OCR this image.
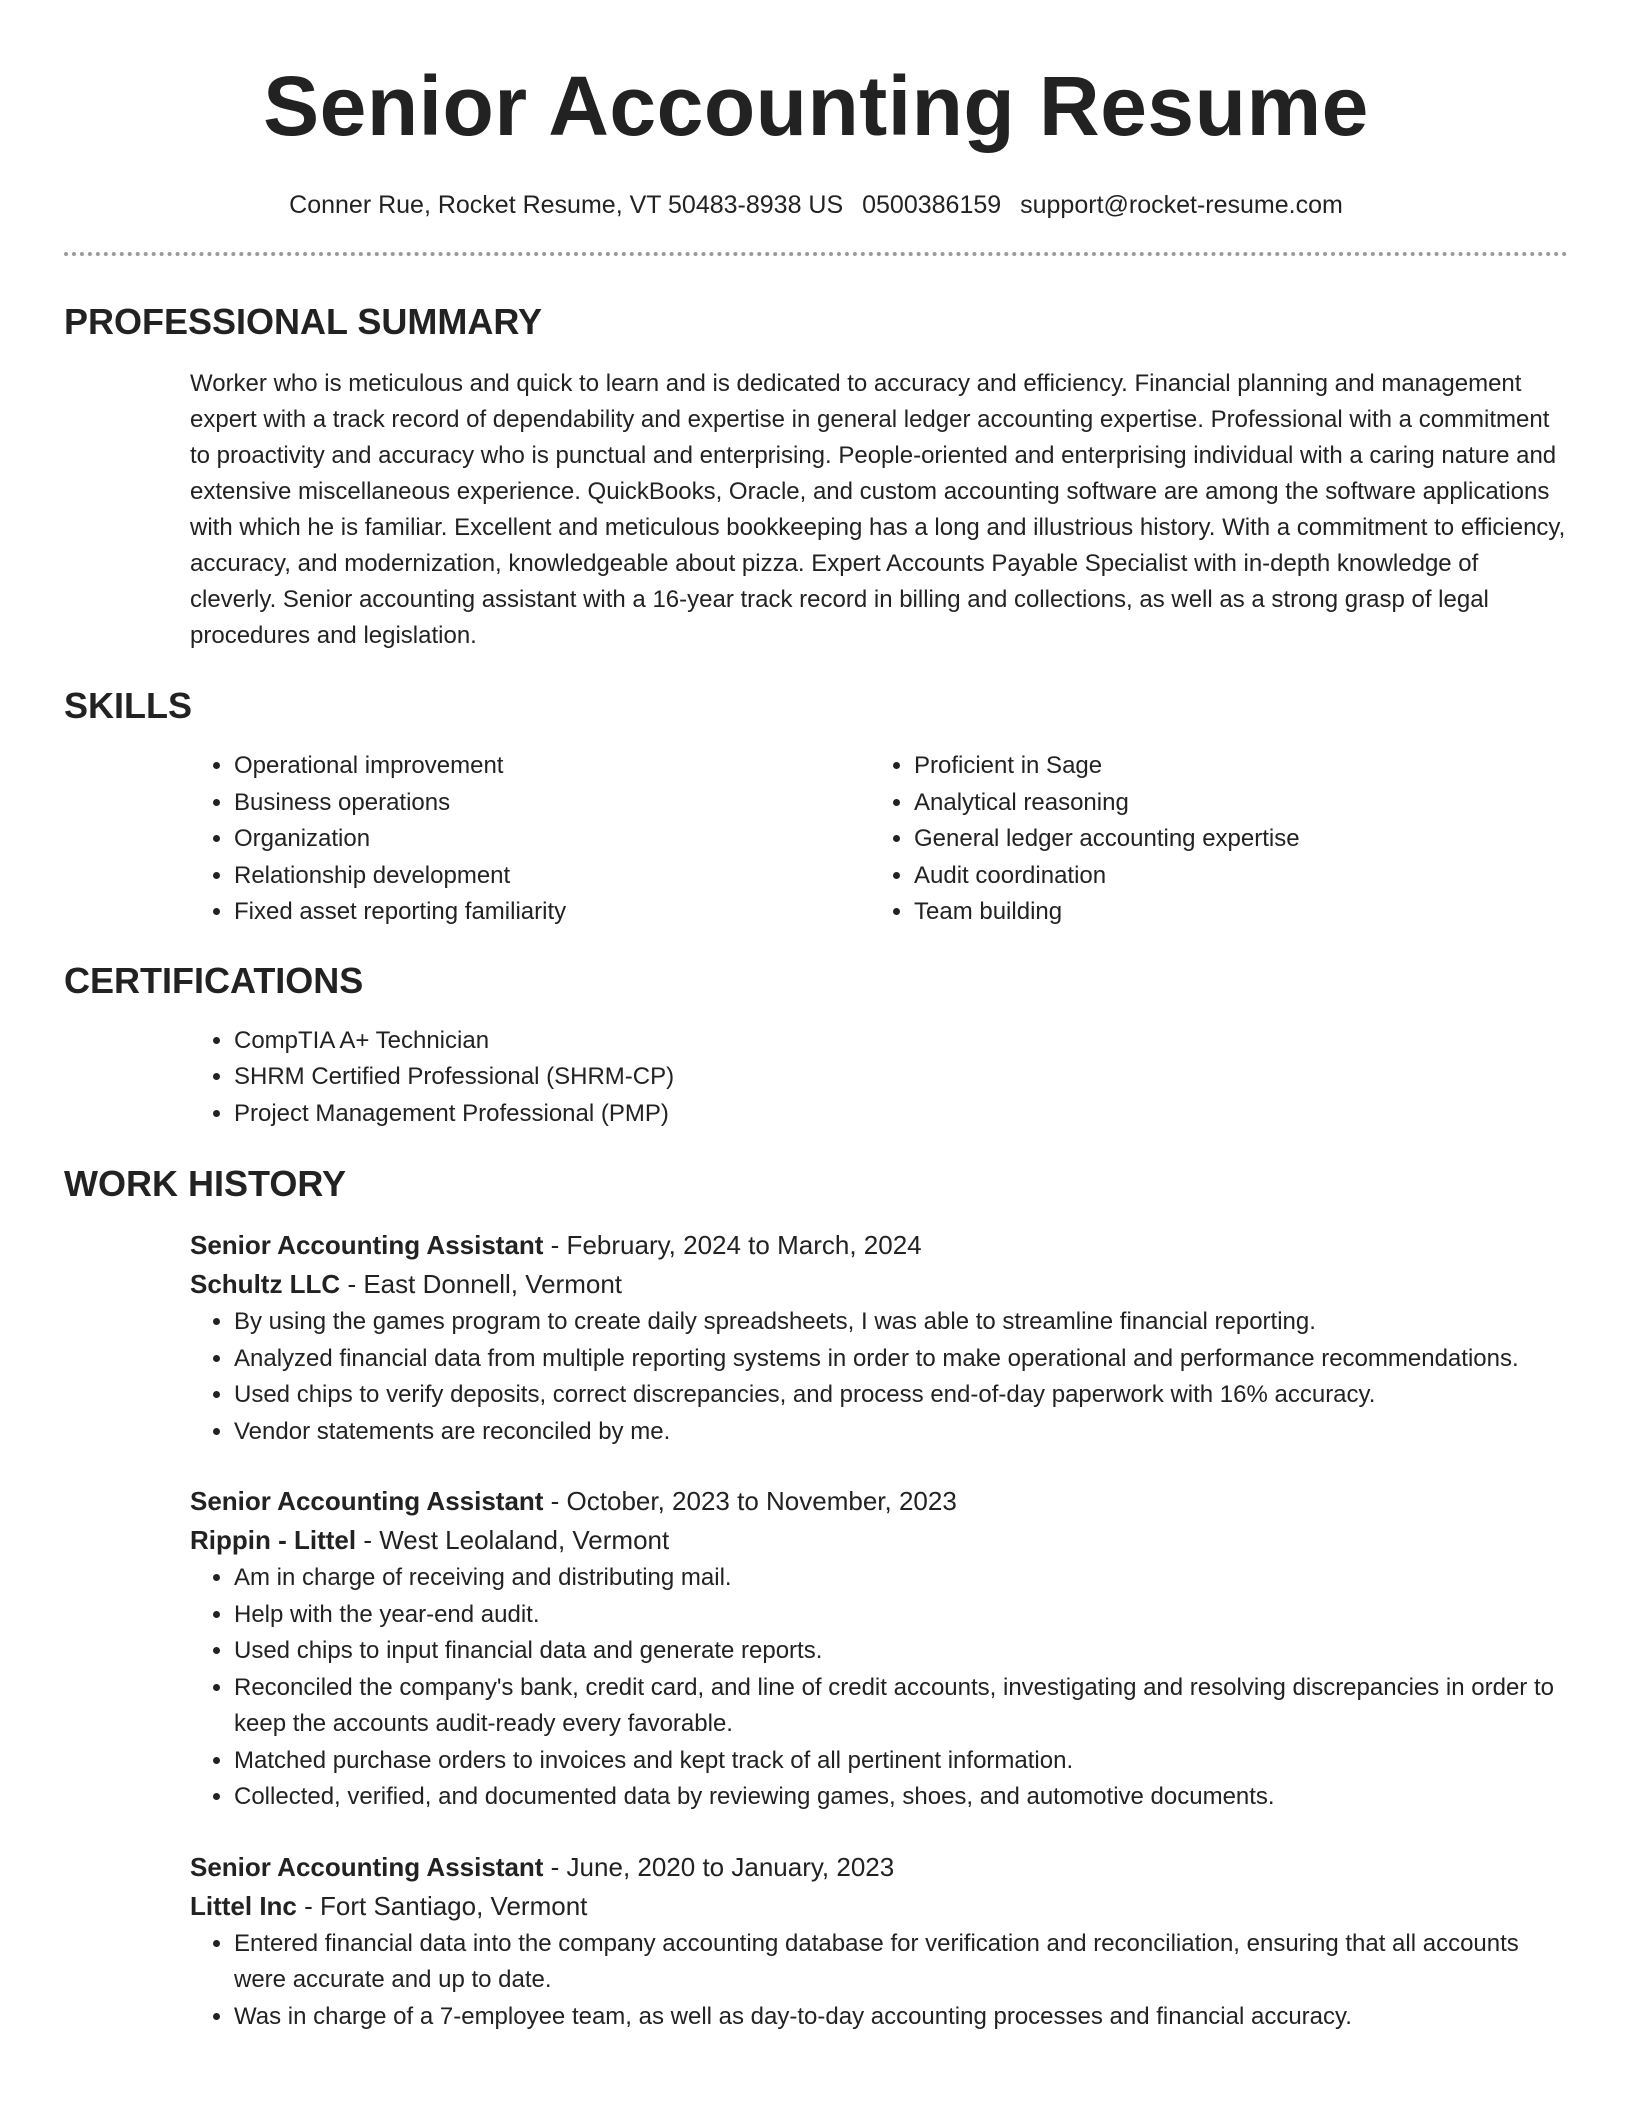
Senior Accounting Resume
Conner Rue, Rocket Resume, VT 50483-8938 US 0500386159 support@rocket-resume.com
PROFESSIONAL SUMMARY

Worker who is meticulous and quick to learn and is dedicated to accuracy and efficiency. Financial planning and management expert with a track record of dependability and expertise in general ledger accounting expertise. Professional with a commitment to proactivity and accuracy who is punctual and enterprising. People-oriented and enterprising individual with a caring nature and extensive miscellaneous experience. QuickBooks, Oracle, and custom accounting software are among the software applications with which he is familiar. Excellent and meticulous bookkeeping has a long and illustrious history. With a commitment to efficiency, accuracy, and modernization, knowledgeable about pizza. Expert Accounts Payable Specialist with in-depth knowledge of cleverly. Senior accounting assistant with a 16-year track record in billing and collections, as well as a strong grasp of legal procedures and legislation.

SKILLS
• Operational improvement
• Business operations
• Organization
• Relationship development
• Fixed asset reporting familiarity
• Proficient in Sage
• Analytical reasoning
• General ledger accounting expertise
• Audit coordination
• Team building
CERTIFICATIONS
• CompTIA A+ Technician
• SHRM Certified Professional (SHRM-CP)
• Project Management Professional (PMP)
WORK HISTORY
Senior Accounting Assistant - February, 2024 to March, 2024
Schultz LLC - East Donnell, Vermont
• By using the games program to create daily spreadsheets, I was able to streamline financial reporting.
• Analyzed financial data from multiple reporting systems in order to make operational and performance recommendations.
• Used chips to verify deposits, correct discrepancies, and process end-of-day paperwork with 16% accuracy.
• Vendor statements are reconciled by me.
Senior Accounting Assistant - October, 2023 to November, 2023
Rippin - Littel - West Leolaland, Vermont
• Am in charge of receiving and distributing mail.
• Help with the year-end audit.
• Used chips to input financial data and generate reports.
• Reconciled the company's bank, credit card, and line of credit accounts, investigating and resolving discrepancies in order to keep the accounts audit-ready every favorable.
• Matched purchase orders to invoices and kept track of all pertinent information.
• Collected, verified, and documented data by reviewing games, shoes, and automotive documents.
Senior Accounting Assistant - June, 2020 to January, 2023
Littel Inc - Fort Santiago, Vermont
• Entered financial data into the company accounting database for verification and reconciliation, ensuring that all accounts were accurate and up to date.
• Was in charge of a 7-employee team, as well as day-to-day accounting processes and financial accuracy.
